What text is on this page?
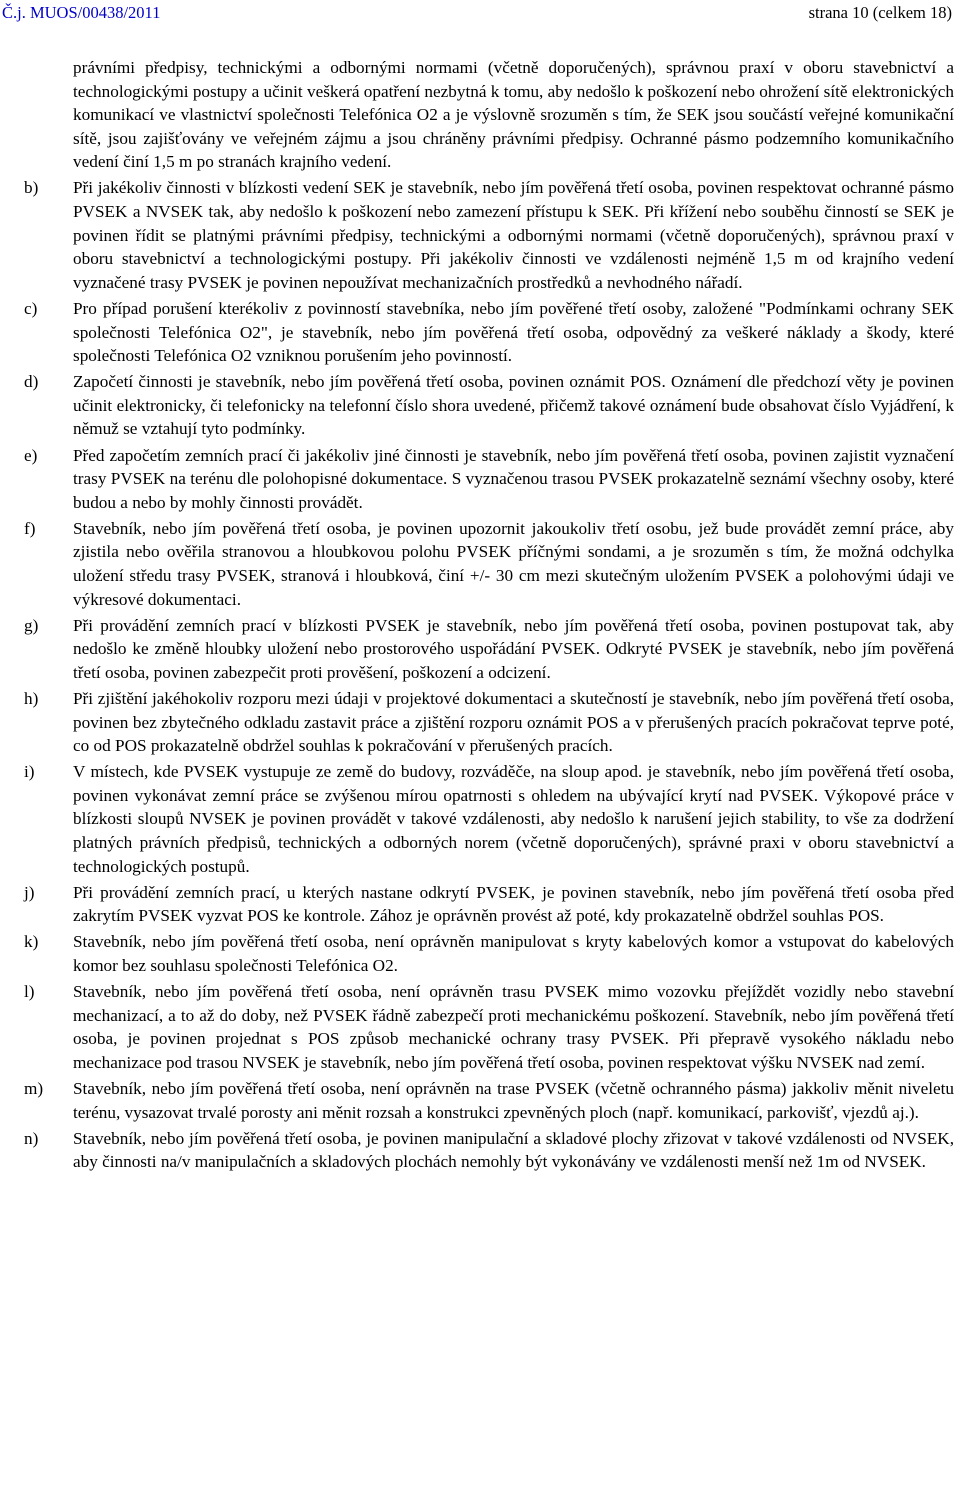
Č.j. MUOS/00438/2011	strana 10 (celkem 18)

právními předpisy, technickými a odbornými normami (včetně doporučených), správnou praxí v oboru stavebnictví a technologickými postupy a učinit veškerá opatření nezbytná k tomu, aby nedošlo k poškození nebo ohrožení sítě elektronických komunikací ve vlastnictví společnosti Telefónica O2 a je výslovně srozuměn s tím, že SEK jsou součástí veřejné komunikační sítě, jsou zajišťovány ve veřejném zájmu a jsou chráněny právními předpisy. Ochranné pásmo podzemního komunikačního vedení činí 1,5 m po stranách krajního vedení.

b) Při jakékoliv činnosti v blízkosti vedení SEK je stavebník, nebo jím pověřená třetí osoba, povinen respektovat ochranné pásmo PVSEK a NVSEK tak, aby nedošlo k poškození nebo zamezení přístupu k SEK. Při křížení nebo souběhu činností se SEK je povinen řídit se platnými právními předpisy, technickými a odbornými normami (včetně doporučených), správnou praxí v oboru stavebnictví a technologickými postupy. Při jakékoliv činnosti ve vzdálenosti nejméně 1,5 m od krajního vedení vyznačené trasy PVSEK je povinen nepoužívat mechanizačních prostředků a nevhodného nářadí.

c) Pro případ porušení kterékoliv z povinností stavebníka, nebo jím pověřené třetí osoby, založené "Podmínkami ochrany SEK společnosti Telefónica O2", je stavebník, nebo jím pověřená třetí osoba, odpovědný za veškeré náklady a škody, které společnosti Telefónica O2 vzniknou porušením jeho povinností.

d) Započetí činnosti je stavebník, nebo jím pověřená třetí osoba, povinen oznámit POS. Oznámení dle předchozí věty je povinen učinit elektronicky, či telefonicky na telefonní číslo shora uvedené, přičemž takové oznámení bude obsahovat číslo Vyjádření, k němuž se vztahují tyto podmínky.

e) Před započetím zemních prací či jakékoliv jiné činnosti je stavebník, nebo jím pověřená třetí osoba, povinen zajistit vyznačení trasy PVSEK na terénu dle polohopisné dokumentace. S vyznačenou trasou PVSEK prokazatelně seznámí všechny osoby, které budou a nebo by mohly činnosti provádět.

f) Stavebník, nebo jím pověřená třetí osoba, je povinen upozornit jakoukoliv třetí osobu, jež bude provádět zemní práce, aby zjistila nebo ověřila stranovou a hloubkovou polohu PVSEK příčnými sondami, a je srozuměn s tím, že možná odchylka uložení středu trasy PVSEK, stranová i hloubková, činí +/- 30 cm mezi skutečným uložením PVSEK a polohovými údaji ve výkresové dokumentaci.

g) Při provádění zemních prací v blízkosti PVSEK je stavebník, nebo jím pověřená třetí osoba, povinen postupovat tak, aby nedošlo ke změně hloubky uložení nebo prostorového uspořádání PVSEK. Odkryté PVSEK je stavebník, nebo jím pověřená třetí osoba, povinen zabezpečit proti prověšení, poškození a odcizení.

h) Při zjištění jakéhokoliv rozporu mezi údaji v projektové dokumentaci a skutečností je stavebník, nebo jím pověřená třetí osoba, povinen bez zbytečného odkladu zastavit práce a zjištění rozporu oznámit POS a v přerušených pracích pokračovat teprve poté, co od POS prokazatelně obdržel souhlas k pokračování v přerušených pracích.

i) V místech, kde PVSEK vystupuje ze země do budovy, rozváděče, na sloup apod. je stavebník, nebo jím pověřená třetí osoba, povinen vykonávat zemní práce se zvýšenou mírou opatrnosti s ohledem na ubývající krytí nad PVSEK. Výkopové práce v blízkosti sloupů NVSEK je povinen provádět v takové vzdálenosti, aby nedošlo k narušení jejich stability, to vše za dodržení platných právních předpisů, technických a odborných norem (včetně doporučených), správné praxi v oboru stavebnictví a technologických postupů.

j) Při provádění zemních prací, u kterých nastane odkrytí PVSEK, je povinen stavebník, nebo jím pověřená třetí osoba před zakrytím PVSEK vyzvat POS ke kontrole. Zához je oprávněn provést až poté, kdy prokazatelně obdržel souhlas POS.

k) Stavebník, nebo jím pověřená třetí osoba, není oprávněn manipulovat s kryty kabelových komor a vstupovat do kabelových komor bez souhlasu společnosti Telefónica O2.

l) Stavebník, nebo jím pověřená třetí osoba, není oprávněn trasu PVSEK mimo vozovku přejíždět vozidly nebo stavební mechanizací, a to až do doby, než PVSEK řádně zabezpečí proti mechanickému poškození. Stavebník, nebo jím pověřená třetí osoba, je povinen projednat s POS způsob mechanické ochrany trasy PVSEK. Při přepravě vysokého nákladu nebo mechanizace pod trasou NVSEK je stavebník, nebo jím pověřená třetí osoba, povinen respektovat výšku NVSEK nad zemí.

m) Stavebník, nebo jím pověřená třetí osoba, není oprávněn na trase PVSEK (včetně ochranného pásma) jakkoliv měnit niveletu terénu, vysazovat trvalé porosty ani měnit rozsah a konstrukci zpevněných ploch (např. komunikací, parkovišť, vjezdů aj.).

n) Stavebník, nebo jím pověřená třetí osoba, je povinen manipulační a skladové plochy zřizovat v takové vzdálenosti od NVSEK, aby činnosti na/v manipulačních a skladových plochách nemohly být vykonávány ve vzdálenosti menší než 1m od NVSEK.
